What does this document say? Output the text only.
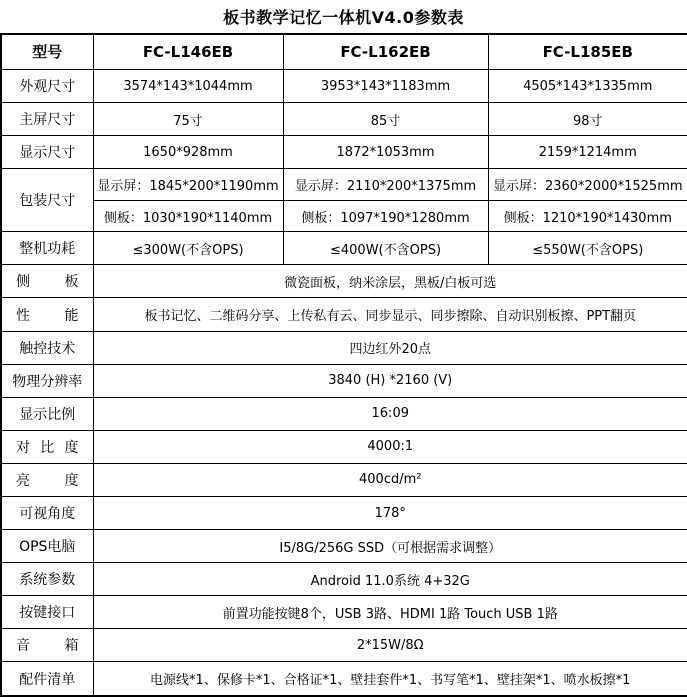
板书教学记忆一体机V4.0参数表
型号	FC-L146EB	FC-L162EB	FC-L185EB
外观尺寸	3574*143*1044mm	3953*143*1183mm	4505*143*1335mm
主屏尺寸	75寸	85寸	98寸
显示尺寸	1650*928mm	1872*1053mm	2159*1214mm
包装尺寸	显示屏：1845*200*1190mm	显示屏：2110*200*1375mm	显示屏：2360*2000*1525mm
	侧板：1030*190*1140mm	侧板：1097*190*1280mm	侧板：1210*190*1430mm
整机功耗	≤300W(不含OPS)	≤400W(不含OPS)	≤550W(不含OPS)
侧板	微瓷面板，纳米涂层，黑板/白板可选		
性能	板书记忆、二维码分享、上传私有云、同步显示、同步擦除、自动识别板擦、PPT翻页		
触控技术	四边红外20点		
物理分辨率	3840 (H) *2160 (V)		
显示比例	16:09		
对比度	4000:1		
亮度	400cd/m²		
可视角度	178°		
OPS电脑	I5/8G/256G SSD（可根据需求调整）		
系统参数	Android 11.0系统 4+32G		
按键接口	前置功能按键8个，USB 3路、HDMI 1路 Touch USB 1路		
音箱	2*15W/8Ω		
配件清单	电源线*1、保修卡*1、合格证*1、壁挂套件*1、书写笔*1、壁挂架*1、喷水板擦*1		
